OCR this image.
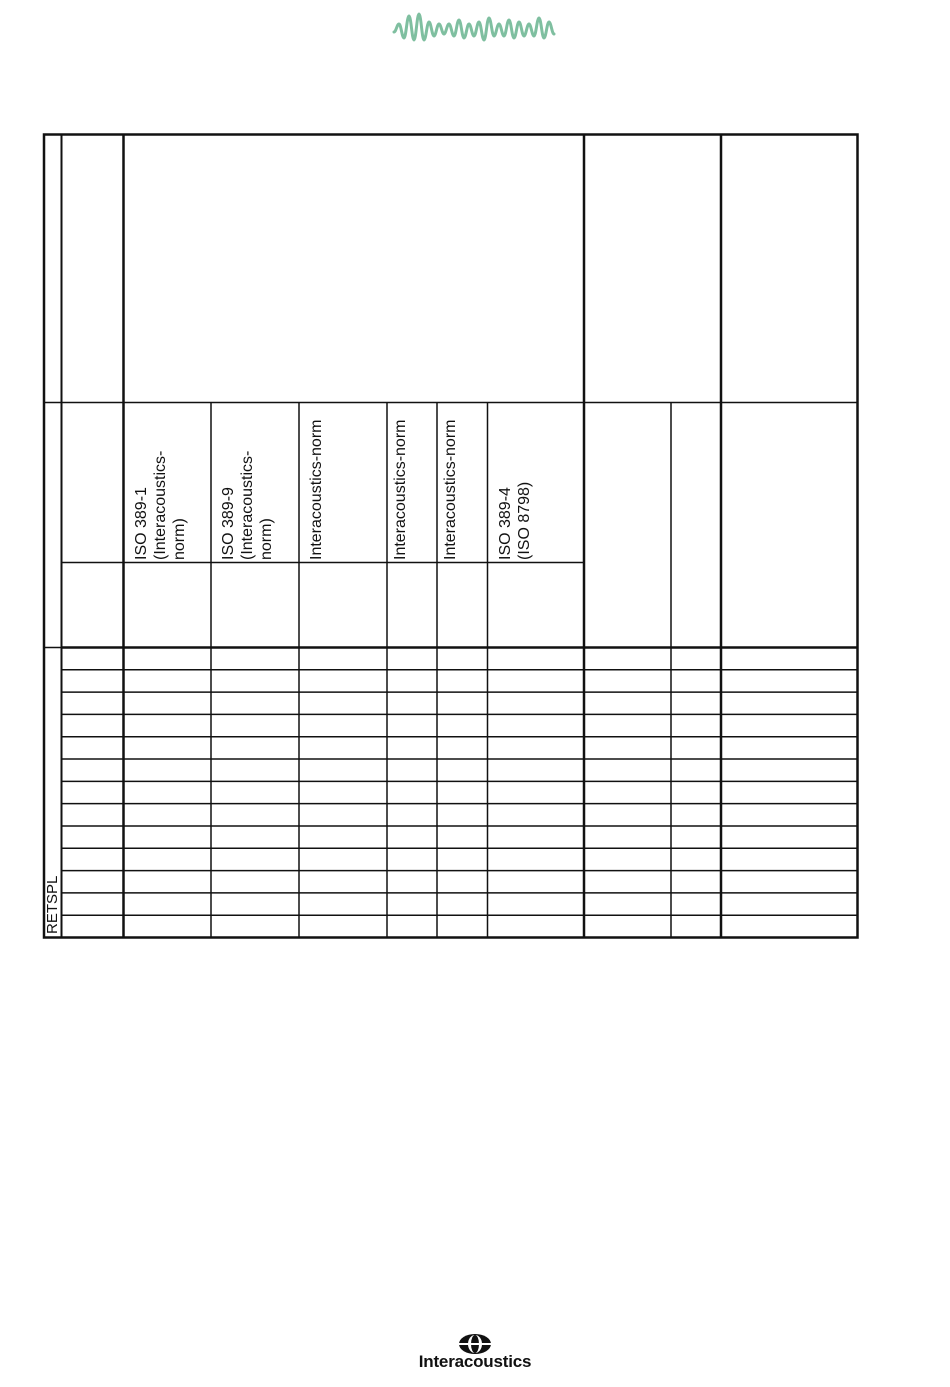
ISO 389-1
(Interacoustics-
norm) ISO 389-9
(Interacoustics-
norm) Interacoustics-norm	Interacoustics-norm Interacoustics-norm ISO 389-4
(ISO 8798)
RETSPL
Interacoustics
